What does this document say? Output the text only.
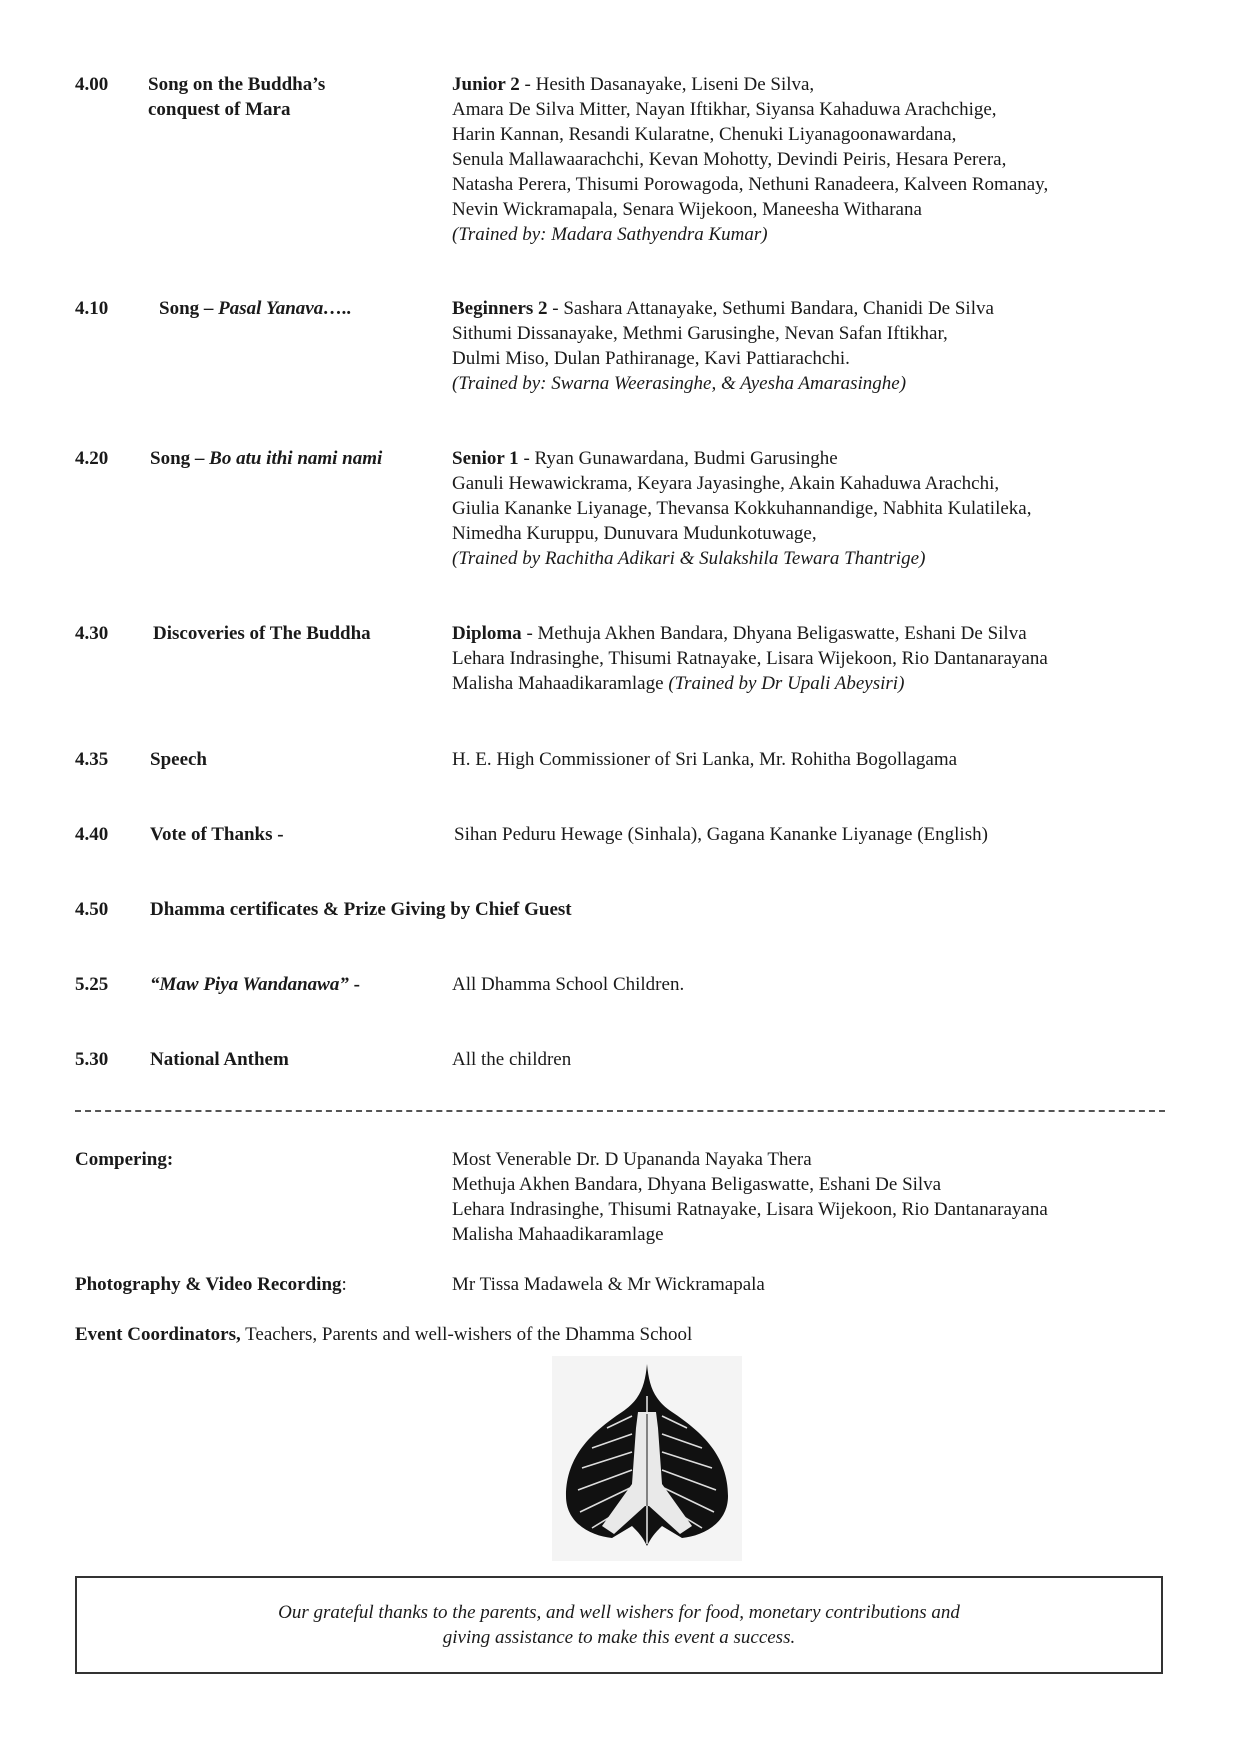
4.00 Song on the Buddha’s
conquest of Mara
Junior 2 - Hesith Dasanayake, Liseni De Silva,
Amara De Silva Mitter, Nayan Iftikhar, Siyansa Kahaduwa Arachchige,
Harin Kannan, Resandi Kularatne, Chenuki Liyanagoonawardana,
Senula Mallawaarachchi, Kevan Mohotty, Devindi Peiris, Hesara Perera,
Natasha Perera, Thisumi Porowagoda, Nethuni Ranadeera, Kalveen Romanay,
Nevin Wickramapala, Senara Wijekoon, Maneesha Witharana
(Trained by: Madara Sathyendra Kumar)
4.10	Song – Pasal Yanava…..	Beginners 2 - Sashara Attanayake, Sethumi Bandara, Chanidi De Silva
Sithumi Dissanayake, Methmi Garusinghe, Nevan Safan Iftikhar,
Dulmi Miso, Dulan Pathiranage, Kavi Pattiarachchi.
(Trained by: Swarna Weerasinghe, & Ayesha Amarasinghe)
4.20 Song – Bo atu ithi nami nami	Senior 1 - Ryan Gunawardana, Budmi Garusinghe
Ganuli Hewawickrama, Keyara Jayasinghe, Akain Kahaduwa Arachchi,
Giulia Kananke Liyanage, Thevansa Kokkuhannandige, Nabhita Kulatileka,
Nimedha Kuruppu, Dunuvara Mudunkotuwage,
(Trained by Rachitha Adikari & Sulakshila Tewara Thantrige)
4.30 Discoveries of The Buddha	Diploma - Methuja Akhen Bandara, Dhyana Beligaswatte, Eshani De Silva
Lehara Indrasinghe, Thisumi Ratnayake, Lisara Wijekoon, Rio Dantanarayana
Malisha Mahaadikaramlage (Trained by Dr Upali Abeysiri)
4.35 Speech	H. E. High Commissioner of Sri Lanka, Mr. Rohitha Bogollagama
4.40 Vote of Thanks -	Sihan Peduru Hewage (Sinhala), Gagana Kananke Liyanage (English)
4.50 Dhamma certificates & Prize Giving by Chief Guest
5.25 “Maw Piya Wandanawa” -	All Dhamma School Children.
5.30 National Anthem	All the children
Compering:	Most Venerable Dr. D Upananda Nayaka Thera
Methuja Akhen Bandara, Dhyana Beligaswatte, Eshani De Silva
Lehara Indrasinghe, Thisumi Ratnayake, Lisara Wijekoon, Rio Dantanarayana
Malisha Mahaadikaramlage
Photography & Video Recording:	Mr Tissa Madawela & Mr Wickramapala
Event Coordinators, Teachers, Parents and well-wishers of the Dhamma School
Our grateful thanks to the parents, and well wishers for food, monetary contributions and
giving assistance to make this event a success.
